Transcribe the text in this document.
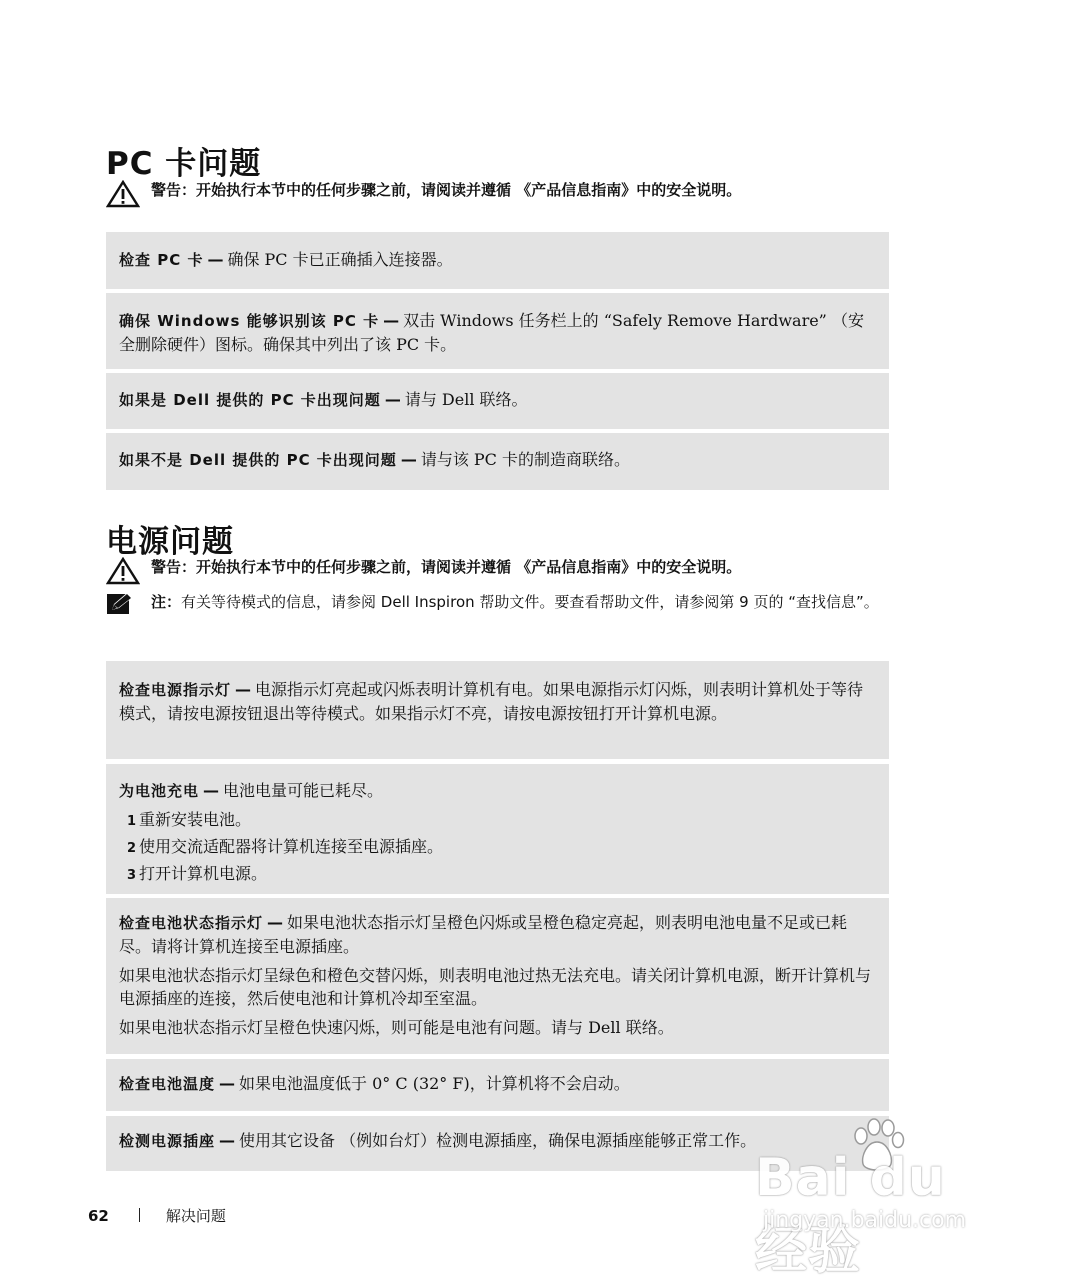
PC 卡问题
警告：开始执行本节中的任何步骤之前，请阅读并遵循 《产品信息指南》中的安全说明。

检查 PC 卡 — 确保 PC 卡已正确插入连接器。

确保 Windows 能够识别该 PC 卡 — 双击 Windows 任务栏上的 “Safely Remove Hardware” （安全删除硬件）图标。确保其中列出了该 PC 卡。

如果是 Dell 提供的 PC 卡出现问题 — 请与 Dell 联络。

如果不是 Dell 提供的 PC 卡出现问题 — 请与该 PC 卡的制造商联络。

电源问题
警告：开始执行本节中的任何步骤之前，请阅读并遵循 《产品信息指南》中的安全说明。
注：有关等待模式的信息，请参阅 Dell Inspiron 帮助文件。要查看帮助文件，请参阅第 9 页的 “查找信息”。

检查电源指示灯 — 电源指示灯亮起或闪烁表明计算机有电。如果电源指示灯闪烁，则表明计算机处于等待模式，请按电源按钮退出等待模式。如果指示灯不亮，请按电源按钮打开计算机电源。

为电池充电 — 电池电量可能已耗尽。

1 重新安装电池。
2 使用交流适配器将计算机连接至电源插座。
3 打开计算机电源。

检查电池状态指示灯 — 如果电池状态指示灯呈橙色闪烁或呈橙色稳定亮起，则表明电池电量不足或已耗尽。请将计算机连接至电源插座。

如果电池状态指示灯呈绿色和橙色交替闪烁，则表明电池过热无法充电。请关闭计算机电源，断开计算机与电源插座的连接，然后使电池和计算机冷却至室温。

如果电池状态指示灯呈橙色快速闪烁，则可能是电池有问题。请与 Dell 联络。

检查电池温度 — 如果电池温度低于 0° C (32° F)，计算机将不会启动。

检测电源插座 — 使用其它设备 （例如台灯）检测电源插座，确保电源插座能够正常工作。

62	解决问题
Bai du 经验
jingyan.baidu.com
